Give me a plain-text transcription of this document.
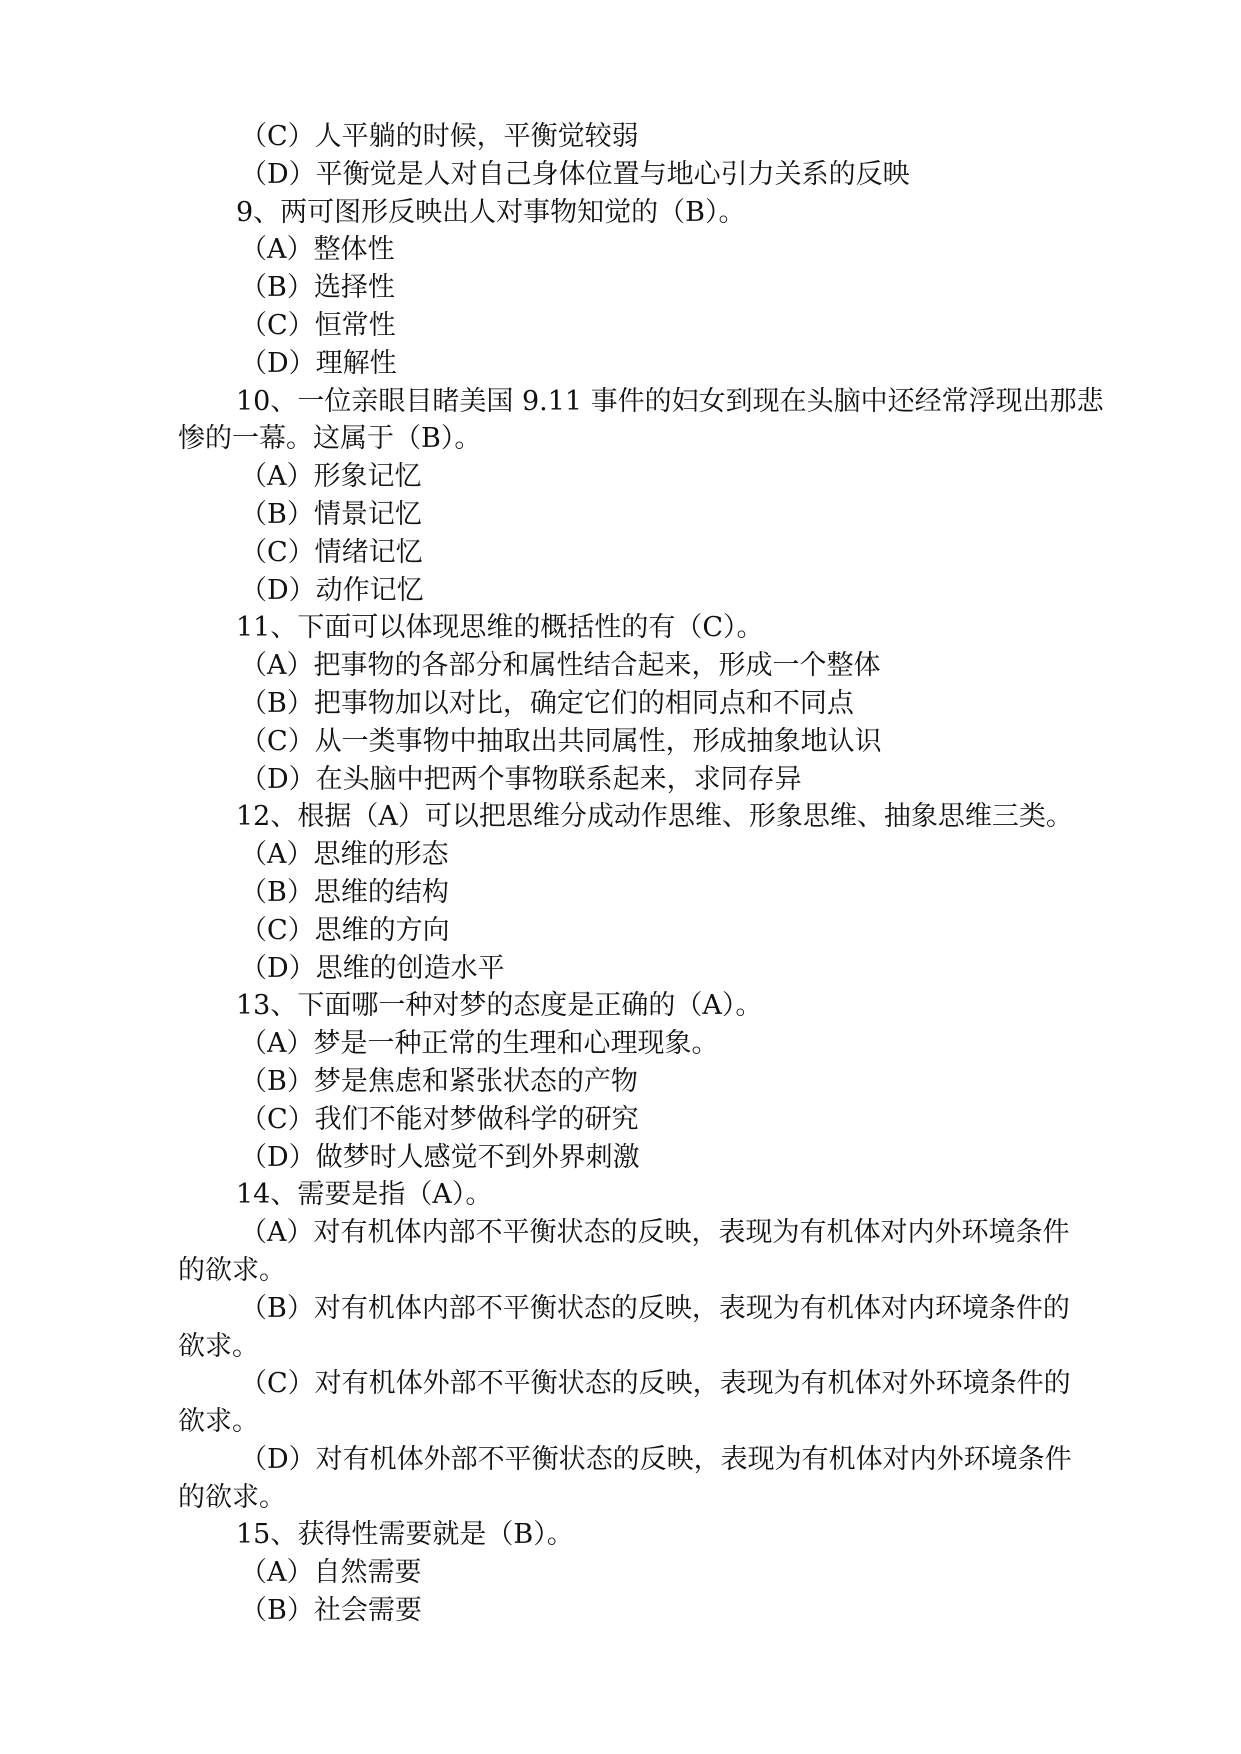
（C）人平躺的时候，平衡觉较弱

（D）平衡觉是人对自己身体位置与地心引力关系的反映

9、两可图形反映出人对事物知觉的（B）。

（A）整体性

（B）选择性

（C）恒常性

（D）理解性

10、一位亲眼目睹美国 9.11 事件的妇女到现在头脑中还经常浮现出那悲

惨的一幕。这属于（B）。

（A）形象记忆

（B）情景记忆

（C）情绪记忆

（D）动作记忆

11、下面可以体现思维的概括性的有（C）。

（A）把事物的各部分和属性结合起来，形成一个整体

（B）把事物加以对比，确定它们的相同点和不同点

（C）从一类事物中抽取出共同属性，形成抽象地认识

（D）在头脑中把两个事物联系起来，求同存异

12、根据（A）可以把思维分成动作思维、形象思维、抽象思维三类。

（A）思维的形态

（B）思维的结构

（C）思维的方向

（D）思维的创造水平

13、下面哪一种对梦的态度是正确的（A）。

（A）梦是一种正常的生理和心理现象。

（B）梦是焦虑和紧张状态的产物

（C）我们不能对梦做科学的研究

（D）做梦时人感觉不到外界刺激

14、需要是指（A）。

（A）对有机体内部不平衡状态的反映，表现为有机体对内外环境条件

的欲求。

（B）对有机体内部不平衡状态的反映，表现为有机体对内环境条件的

欲求。

（C）对有机体外部不平衡状态的反映，表现为有机体对外环境条件的

欲求。

（D）对有机体外部不平衡状态的反映，表现为有机体对内外环境条件

的欲求。

15、获得性需要就是（B）。

（A）自然需要

（B）社会需要
